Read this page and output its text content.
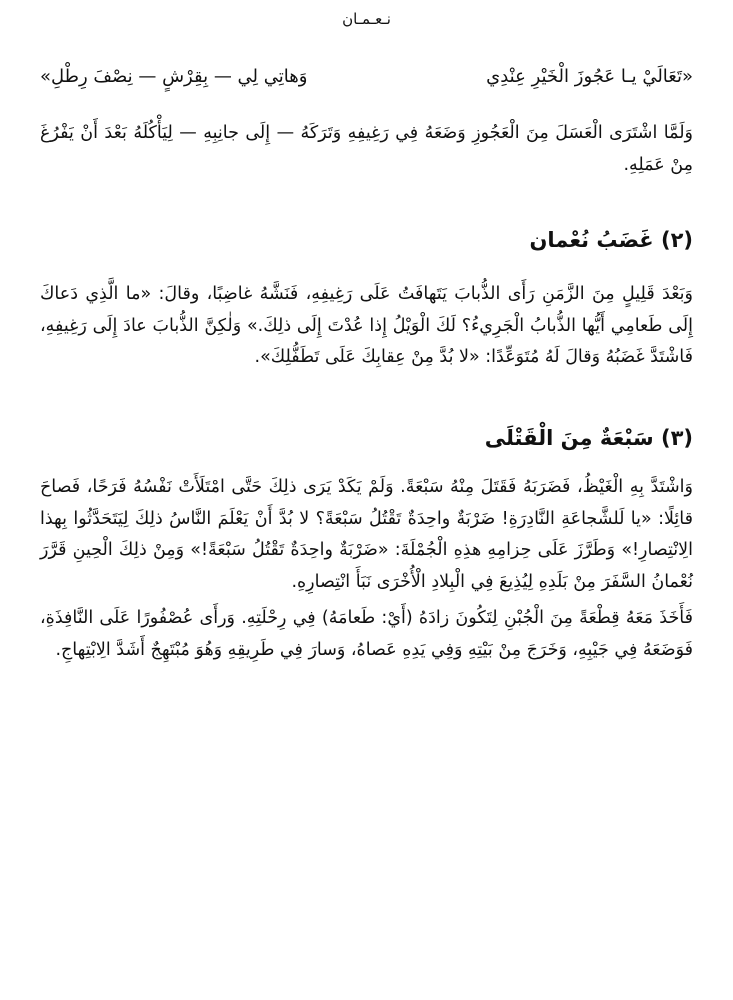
نـعـمـان
«تَعَالَيْ يـا عَجُوزَ الْخَيْرِ عِنْدِي
وَهاتِي لِي — بِقِرْشٍ — نِصْفَ رِطْلِ»

وَلَمَّا اشْتَرَى الْعَسَلَ مِنَ الْعَجُوزِ وَضَعَهُ فِي رَغِيفِهِ وَتَرَكَهُ — إِلَى جانِبِهِ — لِيَأْكُلَهُ بَعْدَ أَنْ يَفْرُغَ مِنْ عَمَلِهِ.

(٢) غَضَبُ نُعْمان

وَبَعْدَ قَلِيلٍ مِنَ الزَّمَنِ رَأَى الذُّبابَ يَتَهافَتُ عَلَى رَغِيفِهِ، فَنَشَّهُ غاضِبًا، وقالَ: «ما الَّذِي دَعاكَ إِلَى طَعامِي أَيُّها الذُّبابُ الْجَرِيءُ؟ لَكَ الْوَيْلُ إِذا عُدْتَ إِلَى ذلِكَ.» وَلٰكِنَّ الذُّبابَ عادَ إِلَى رَغِيفِهِ، فَاشْتَدَّ غَضَبُهُ وَقالَ لَهُ مُتَوَعِّدًا: «لا بُدَّ مِنْ عِقابِكَ عَلَى تَطَفُّلِكَ».

(٣) سَبْعَةٌ مِنَ الْقَتْلَى

وَاشْتَدَّ بِهِ الْغَيْظُ، فَضَرَبَهُ فَقَتَلَ مِنْهُ سَبْعَةً. وَلَمْ يَكَدْ يَرَى ذلِكَ حَتَّى امْتَلَأَتْ نَفْسُهُ فَرَحًا، فَصاحَ قائِلًا: «يا لَلشَّجاعَةِ النَّادِرَةِ! ضَرْبَةٌ واحِدَةٌ تَقْتُلُ سَبْعَةً؟ لا بُدَّ أَنْ يَعْلَمَ النَّاسُ ذلِكَ لِيَتَحَدَّثُوا بِهذا الِانْتِصارِ!» وَطَرَّزَ عَلَى حِزامِهِ هذِهِ الْجُمْلَةَ: «ضَرْبَةٌ واحِدَةٌ تَقْتُلُ سَبْعَةً!» وَمِنْ ذلِكَ الْحِينِ قَرَّرَ نُعْمانُ السَّفَرَ مِنْ بَلَدِهِ لِيُذِيعَ فِي الْبِلادِ الْأُخْرَى نَبَأَ انْتِصارِهِ.

فَأَخَذَ مَعَهُ قِطْعَةً مِنَ الْجُبْنِ لِتَكُونَ زادَهُ (أَيْ: طَعامَهُ) فِي رِحْلَتِهِ. وَرأَى عُصْفُورًا عَلَى النَّافِذَةِ، فَوَضَعَهُ فِي جَيْبِهِ، وَخَرَجَ مِنْ بَيْتِهِ وَفِي يَدِهِ عَصاهُ، وَسارَ فِي طَرِيقِهِ وَهُوَ مُبْتَهِجٌ أَشَدَّ الِابْتِهاجِ.
